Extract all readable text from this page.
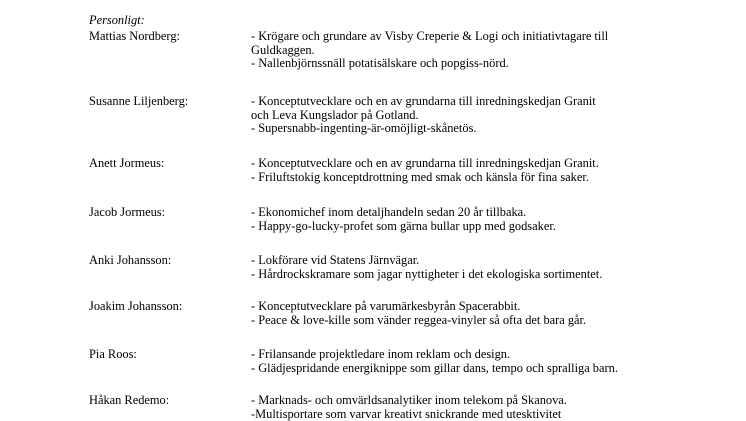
Personligt:
Mattias Nordberg:	- Krögare och grundare av Visby Creperie & Logi och initiativtagare till
Guldkaggen.
- Nallenbjörnssnäll potatisälskare och popgiss-nörd.
Susanne Liljenberg:	- Konceptutvecklare och en av grundarna till inredningskedjan Granit
och Leva Kungslador på Gotland.
- Supersnabb-ingenting-är-omöjligt-skånetös.
Anett Jormeus:	- Konceptutvecklare och en av grundarna till inredningskedjan Granit.
- Friluftstokig konceptdrottning med smak och känsla för fina saker.
Jacob Jormeus:	- Ekonomichef inom detaljhandeln sedan 20 år tillbaka.
- Happy-go-lucky-profet som gärna bullar upp med godsaker.
Anki Johansson:	- Lokförare vid Statens Järnvägar.
- Hårdrockskramare som jagar nyttigheter i det ekologiska sortimentet.
Joakim Johansson:	- Konceptutvecklare på varumärkesbyrån Spacerabbit.
- Peace & love-kille som vänder reggea-vinyler så ofta det bara går.
Pia Roos:	- Frilansande projektledare inom reklam och design.
- Glädjespridande energiknippe som gillar dans, tempo och spralliga barn.
Håkan Redemo:	- Marknads- och omvärldsanalytiker inom telekom på Skanova.
-Multisportare som varvar kreativt snickrande med utesktivitet
